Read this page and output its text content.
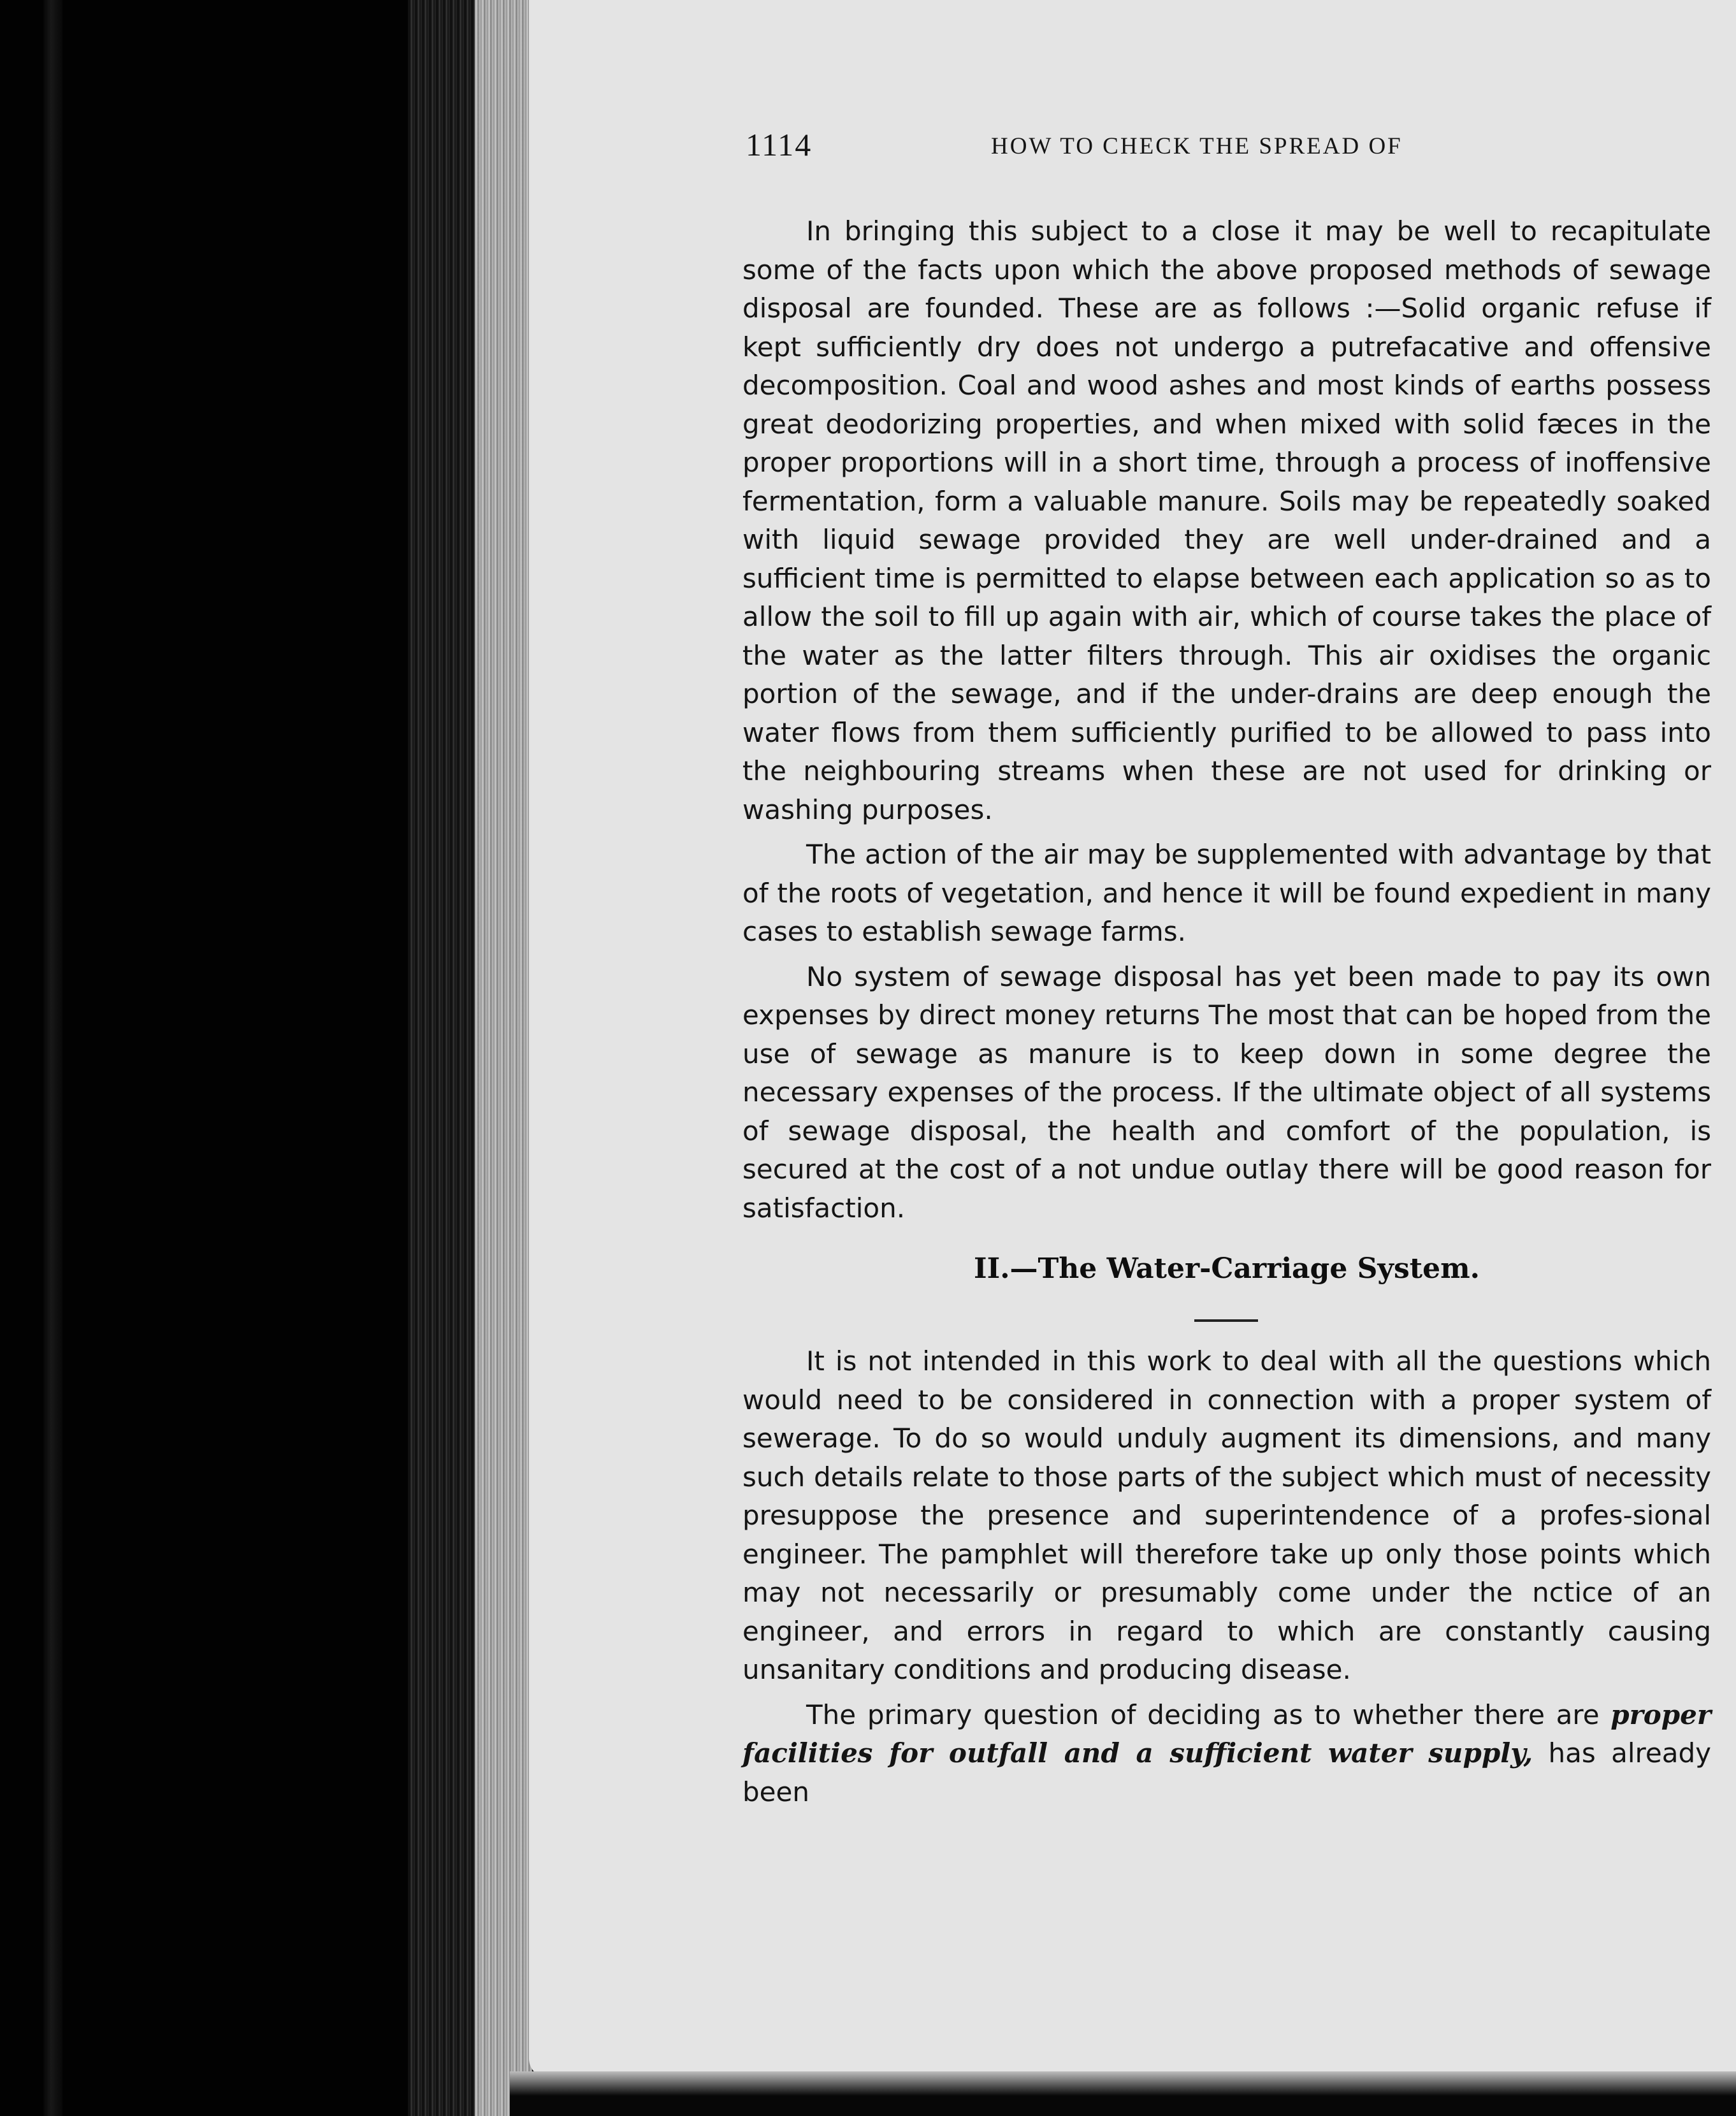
1114	HOW TO CHECK THE SPREAD OF

In bringing this subject to a close it may be well to recapitulate some of the facts upon which the above proposed methods of sewage disposal are founded. These are as follows :—Solid organic refuse if kept sufficiently dry does not undergo a putrefacative and offensive decomposition. Coal and wood ashes and most kinds of earths possess great deodorizing properties, and when mixed with solid fæces in the proper proportions will in a short time, through a process of inoffensive fermentation, form a valuable manure. Soils may be repeatedly soaked with liquid sewage provided they are well under-drained and a sufficient time is permitted to elapse between each application so as to allow the soil to fill up again with air, which of course takes the place of the water as the latter filters through. This air oxidises the organic portion of the sewage, and if the under-drains are deep enough the water flows from them sufficiently purified to be allowed to pass into the neighbouring streams when these are not used for drinking or washing purposes.

The action of the air may be supplemented with advantage by that of the roots of vegetation, and hence it will be found expedient in many cases to establish sewage farms.

No system of sewage disposal has yet been made to pay its own expenses by direct money returns The most that can be hoped from the use of sewage as manure is to keep down in some degree the necessary expenses of the process. If the ultimate object of all systems of sewage disposal, the health and comfort of the population, is secured at the cost of a not undue outlay there will be good reason for satisfaction.

II.—The Water-Carriage System.

It is not intended in this work to deal with all the questions which would need to be considered in connection with a proper system of sewerage. To do so would unduly augment its dimensions, and many such details relate to those parts of the subject which must of necessity presuppose the presence and superintendence of a profes-sional engineer. The pamphlet will therefore take up only those points which may not necessarily or presumably come under the nctice of an engineer, and errors in regard to which are constantly causing unsanitary conditions and producing disease.

The primary question of deciding as to whether there are proper facilities for outfall and a sufficient water supply, has already been
